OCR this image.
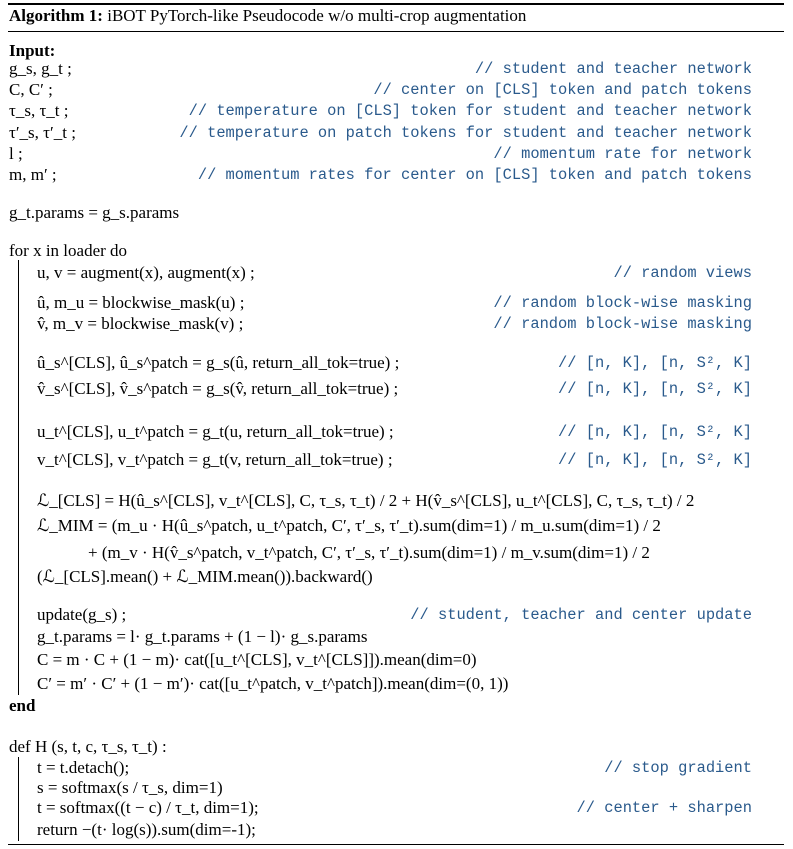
Algorithm 1: iBOT PyTorch-like Pseudocode w/o multi-crop augmentation
Input:
g_s, g_t ;	// student and teacher network
C, C′ ;	// center on [CLS] token and patch tokens
τ_s, τ_t ;	// temperature on [CLS] token for student and teacher network
τ′_s, τ′_t ;	// temperature on patch tokens for student and teacher network
l ;	// momentum rate for network
m, m′ ;	// momentum rates for center on [CLS] token and patch tokens
g_t.params = g_s.params
for x in loader do
u, v = augment(x), augment(x) ;	// random views
û, m_u = blockwise_mask(u) ;	// random block-wise masking
v̂, m_v = blockwise_mask(v) ;	// random block-wise masking
û_s^[CLS], û_s^patch = g_s(û, return_all_tok=true) ;	// [n, K], [n, S², K]
v̂_s^[CLS], v̂_s^patch = g_s(v̂, return_all_tok=true) ;	// [n, K], [n, S², K]
u_t^[CLS], u_t^patch = g_t(u, return_all_tok=true) ;	// [n, K], [n, S², K]
v_t^[CLS], v_t^patch = g_t(v, return_all_tok=true) ;	// [n, K], [n, S², K]
ℒ_[CLS] = H(û_s^[CLS], v_t^[CLS], C, τ_s, τ_t) / 2 + H(v̂_s^[CLS], u_t^[CLS], C, τ_s, τ_t) / 2
ℒ_MIM = (m_u · H(û_s^patch, u_t^patch, C′, τ′_s, τ′_t).sum(dim=1) / m_u.sum(dim=1) / 2
+ (m_v · H(v̂_s^patch, v_t^patch, C′, τ′_s, τ′_t).sum(dim=1) / m_v.sum(dim=1) / 2
(ℒ_[CLS].mean() + ℒ_MIM.mean()).backward()
update(g_s) ;	// student, teacher and center update
g_t.params = l· g_t.params + (1 − l)· g_s.params
C = m · C + (1 − m)· cat([u_t^[CLS], v_t^[CLS]]).mean(dim=0)
C′ = m′ · C′ + (1 − m′)· cat([u_t^patch, v_t^patch]).mean(dim=(0, 1))
end
def H (s, t, c, τ_s, τ_t) :
t = t.detach();	// stop gradient
s = softmax(s / τ_s, dim=1)
t = softmax((t − c) / τ_t, dim=1);	// center + sharpen
return −(t· log(s)).sum(dim=-1);
